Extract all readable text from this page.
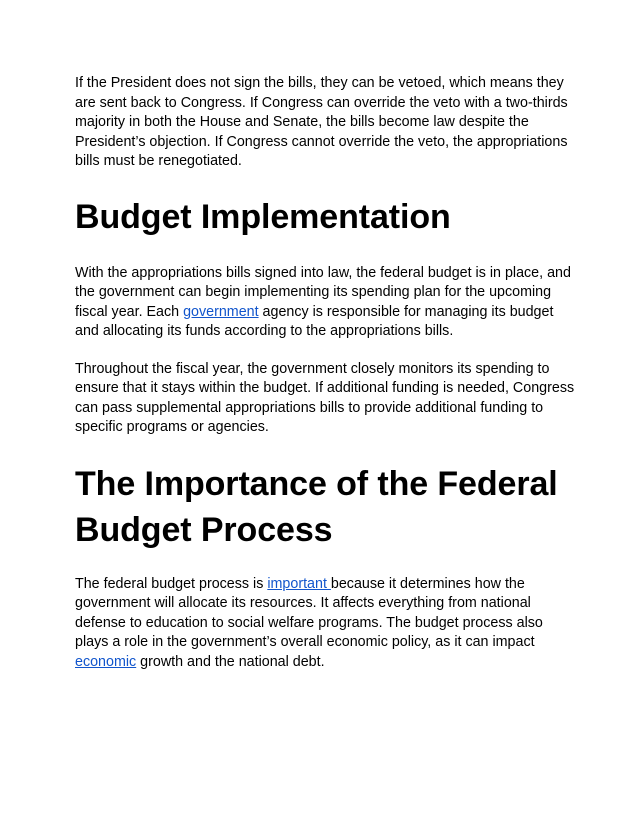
If the President does not sign the bills, they can be vetoed, which means they are sent back to Congress. If Congress can override the veto with a two-thirds majority in both the House and Senate, the bills become law despite the President’s objection. If Congress cannot override the veto, the appropriations bills must be renegotiated.

Budget Implementation

With the appropriations bills signed into law, the federal budget is in place, and the government can begin implementing its spending plan for the upcoming fiscal year. Each government agency is responsible for managing its budget and allocating its funds according to the appropriations bills.

Throughout the fiscal year, the government closely monitors its spending to ensure that it stays within the budget. If additional funding is needed, Congress can pass supplemental appropriations bills to provide additional funding to specific programs or agencies.

The Importance of the Federal Budget Process

The federal budget process is important because it determines how the government will allocate its resources. It affects everything from national defense to education to social welfare programs. The budget process also plays a role in the government’s overall economic policy, as it can impact economic growth and the national debt.
